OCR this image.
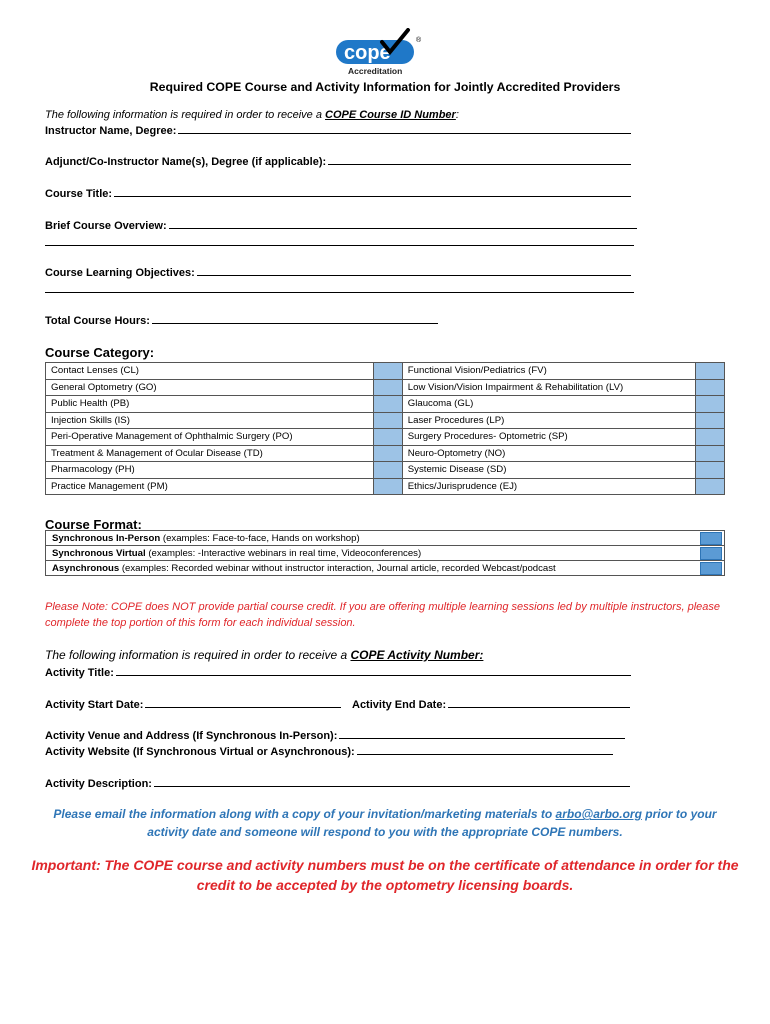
cope
®
Accreditation
Required COPE Course and Activity Information for Jointly Accredited Providers
The following information is required in order to receive a COPE Course ID Number:
Instructor Name, Degree:
Adjunct/Co-Instructor Name(s), Degree (if applicable):
Course Title:
Brief Course Overview:
Course Learning Objectives:
Total Course Hours:
Course Category:
Contact Lenses (CL)		Functional Vision/Pediatrics (FV)	
General Optometry (GO)		Low Vision/Vision Impairment & Rehabilitation (LV)	
Public Health (PB)		Glaucoma (GL)	
Injection Skills (IS)		Laser Procedures (LP)	
Peri-Operative Management of Ophthalmic Surgery (PO)		Surgery Procedures- Optometric (SP)	
Treatment & Management of Ocular Disease (TD)		Neuro-Optometry (NO)	
Pharmacology (PH)		Systemic Disease (SD)	
Practice Management (PM)		Ethics/Jurisprudence (EJ)	
Course Format:
Synchronous In-Person (examples: Face-to-face, Hands on workshop)	

Synchronous Virtual (examples: -Interactive webinars in real time, Videoconferences)	

Asynchronous (examples: Recorded webinar without instructor interaction, Journal article, recorded Webcast/podcast	
Please Note: COPE does NOT provide partial course credit. If you are offering multiple learning sessions led by multiple instructors, please complete the top portion of this form for each individual session.
The following information is required in order to receive a COPE Activity Number:
Activity Title:
Activity Start Date:	Activity End Date:
Activity Venue and Address (If Synchronous In-Person):
Activity Website (If Synchronous Virtual or Asynchronous):
Activity Description:
Please email the information along with a copy of your invitation/marketing materials to arbo@arbo.org prior to your activity date and someone will respond to you with the appropriate COPE numbers.
Important: The COPE course and activity numbers must be on the certificate of attendance in order for the credit to be accepted by the optometry licensing boards.
